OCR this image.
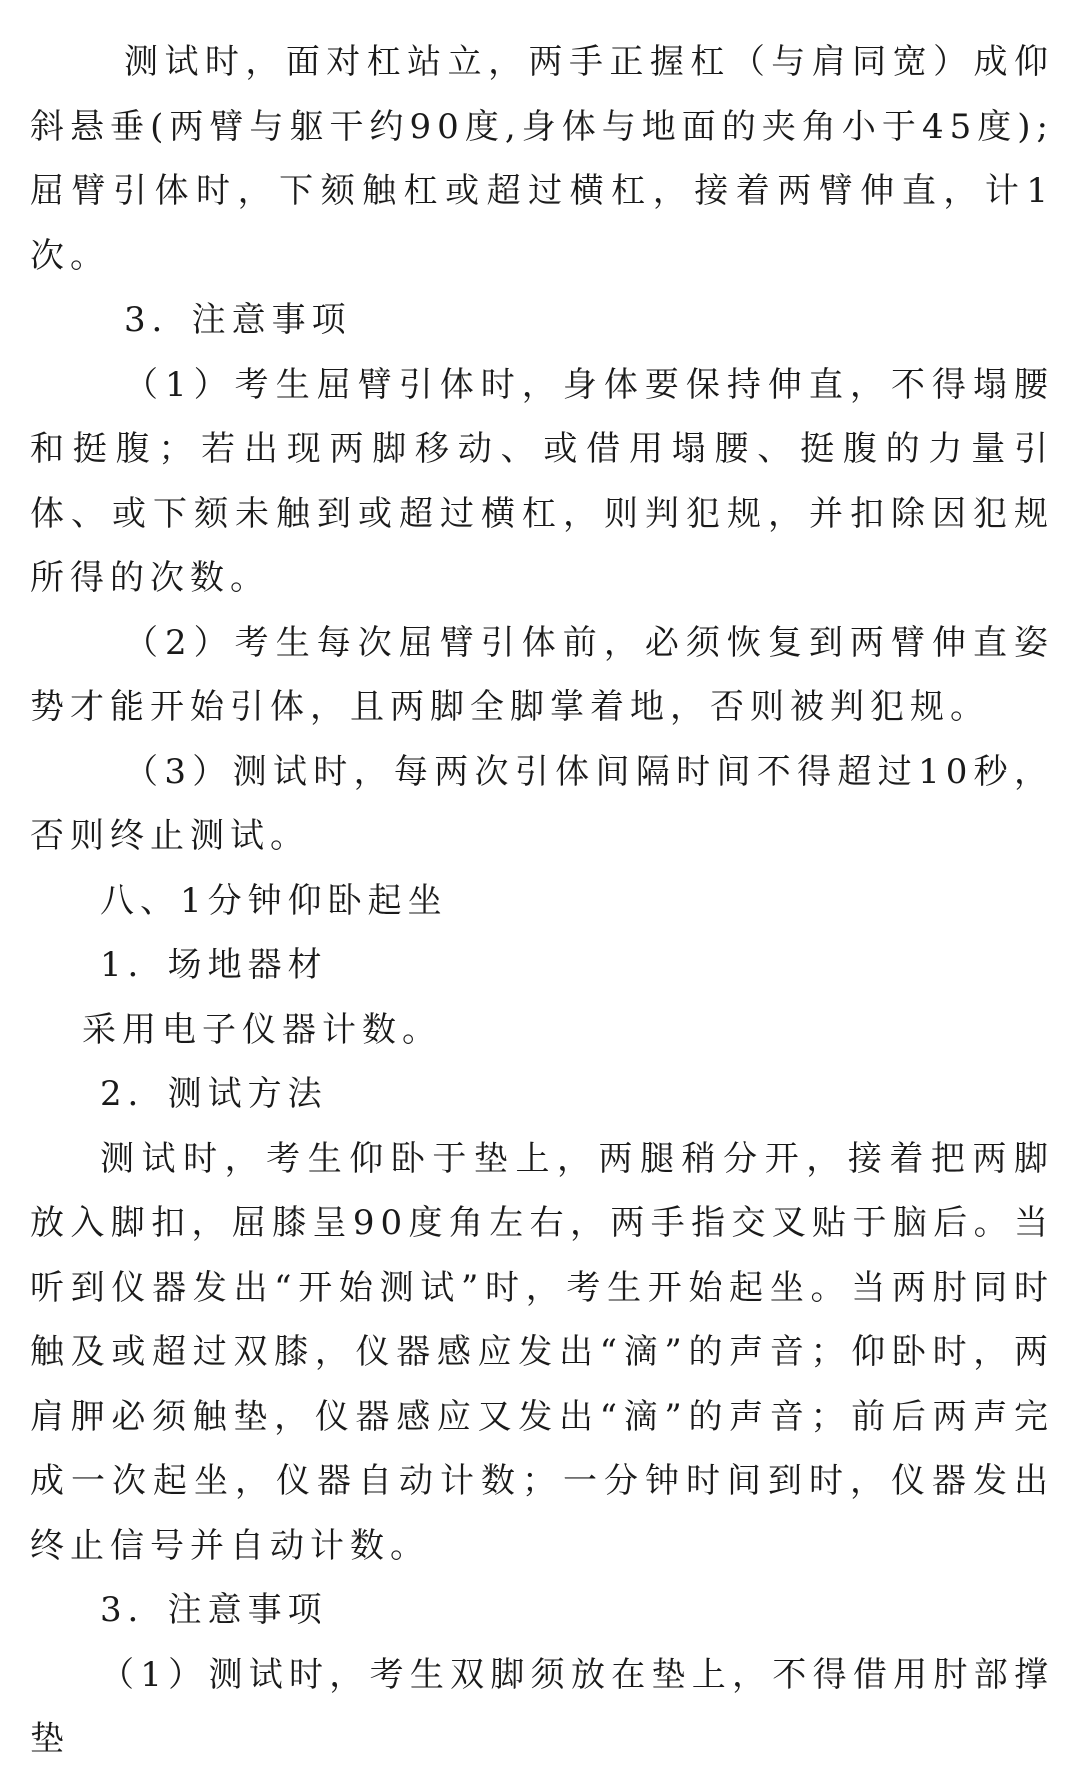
测试时，面对杠站立，两手正握杠（与肩同宽）成仰斜悬垂(两臂与躯干约90度,身体与地面的夹角小于45度);屈臂引体时，下颏触杠或超过横杠，接着两臂伸直，计1次。

3．注意事项

（1）考生屈臂引体时，身体要保持伸直，不得塌腰和挺腹；若出现两脚移动、或借用塌腰、挺腹的力量引体、或下颏未触到或超过横杠，则判犯规，并扣除因犯规所得的次数。

（2）考生每次屈臂引体前，必须恢复到两臂伸直姿势才能开始引体，且两脚全脚掌着地，否则被判犯规。

（3）测试时，每两次引体间隔时间不得超过10秒，否则终止测试。

八、1分钟仰卧起坐

1．场地器材

采用电子仪器计数。

2．测试方法

测试时，考生仰卧于垫上，两腿稍分开，接着把两脚放入脚扣，屈膝呈90度角左右，两手指交叉贴于脑后。当听到仪器发出“开始测试”时，考生开始起坐。当两肘同时触及或超过双膝，仪器感应发出“滴”的声音；仰卧时，两肩胛必须触垫，仪器感应又发出“滴”的声音；前后两声完成一次起坐，仪器自动计数；一分钟时间到时，仪器发出终止信号并自动计数。

3．注意事项

（1）测试时，考生双脚须放在垫上，不得借用肘部撑垫
